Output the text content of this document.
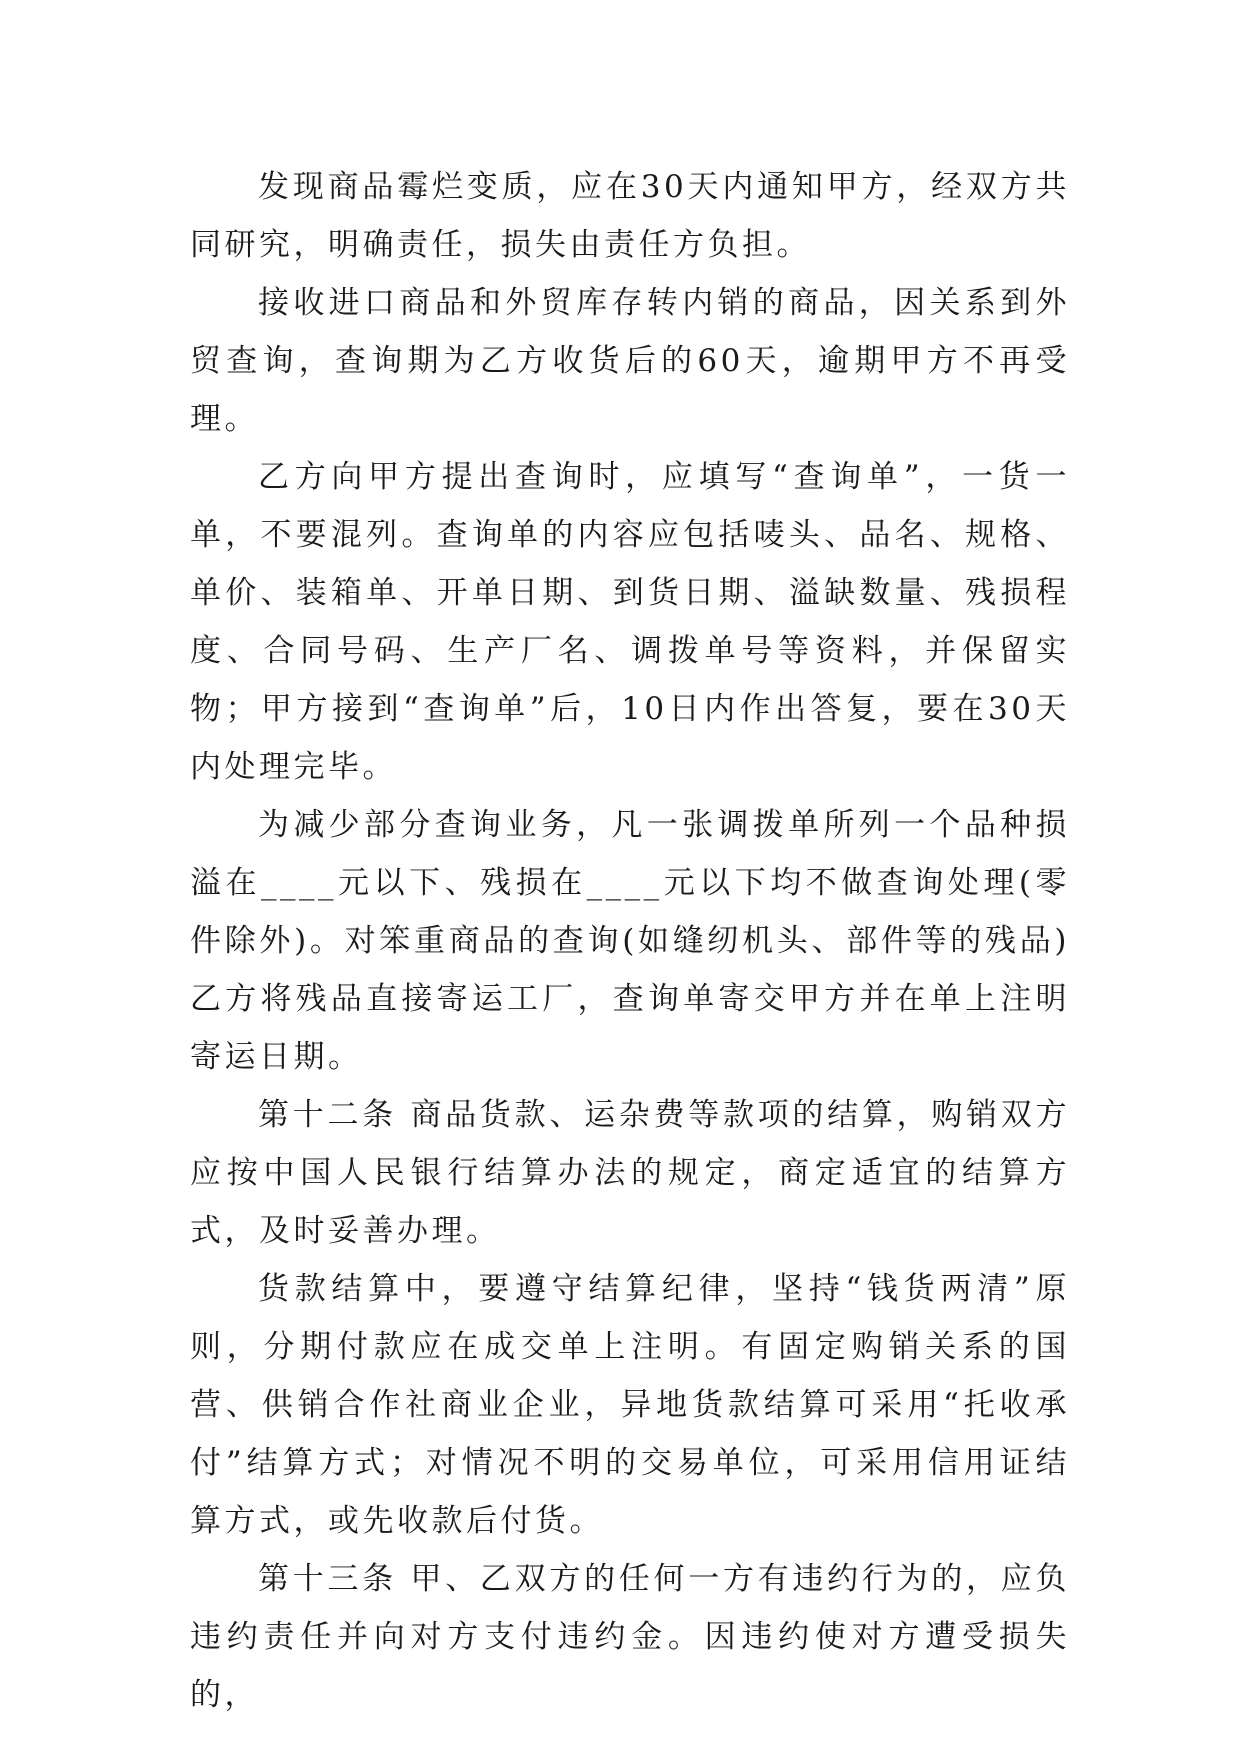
发现商品霉烂变质，应在30天内通知甲方，经双方共同研究，明确责任，损失由责任方负担。

接收进口商品和外贸库存转内销的商品，因关系到外贸查询，查询期为乙方收货后的60天，逾期甲方不再受理。

乙方向甲方提出查询时，应填写“查询单”，一货一单，不要混列。查询单的内容应包括唛头、品名、规格、单价、装箱单、开单日期、到货日期、溢缺数量、残损程度、合同号码、生产厂名、调拨单号等资料，并保留实物；甲方接到“查询单”后，10日内作出答复，要在30天内处理完毕。

为减少部分查询业务，凡一张调拨单所列一个品种损溢在____元以下、残损在____元以下均不做查询处理(零件除外)。对笨重商品的查询(如缝纫机头、部件等的残品)乙方将残品直接寄运工厂，查询单寄交甲方并在单上注明寄运日期。

第十二条 商品货款、运杂费等款项的结算，购销双方应按中国人民银行结算办法的规定，商定适宜的结算方式，及时妥善办理。

货款结算中，要遵守结算纪律，坚持“钱货两清”原则，分期付款应在成交单上注明。有固定购销关系的国营、供销合作社商业企业，异地货款结算可采用“托收承付”结算方式；对情况不明的交易单位，可采用信用证结算方式，或先收款后付货。

第十三条 甲、乙双方的任何一方有违约行为的，应负违约责任并向对方支付违约金。因违约使对方遭受损失的，
